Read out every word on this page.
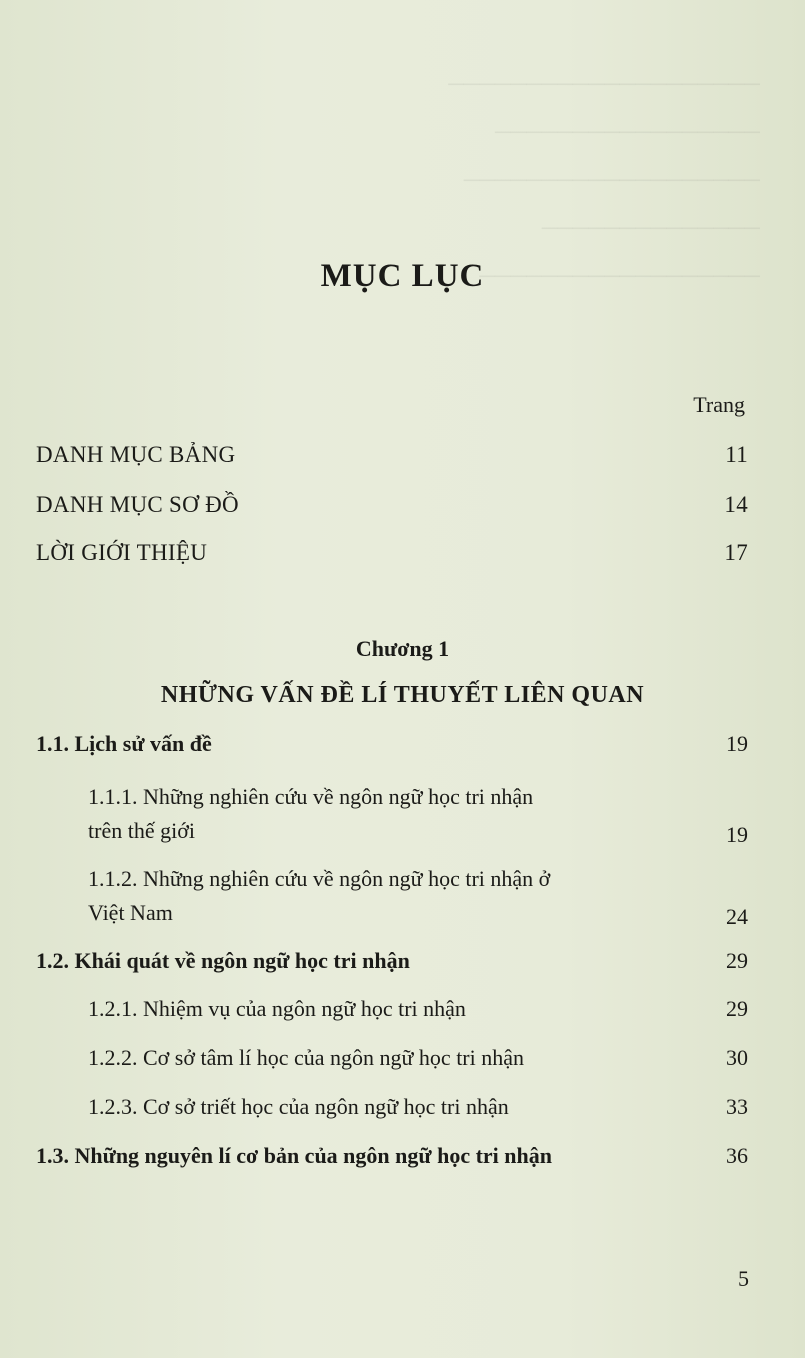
────────────────────
─────────────────
───────────────────
──────────────
──────────────────
MỤC LỤC
Trang
DANH MỤC BẢNG	11
DANH MỤC SƠ ĐỒ	14
LỜI GIỚI THIỆU	17
Chương 1
NHỮNG VẤN ĐỀ LÍ THUYẾT LIÊN QUAN
1.1. Lịch sử vấn đề	19
1.1.1. Những nghiên cứu về ngôn ngữ học tri nhận
trên thế giới	19
1.1.2. Những nghiên cứu về ngôn ngữ học tri nhận ở
Việt Nam	24
1.2. Khái quát về ngôn ngữ học tri nhận	29
1.2.1. Nhiệm vụ của ngôn ngữ học tri nhận	29
1.2.2. Cơ sở tâm lí học của ngôn ngữ học tri nhận	30
1.2.3. Cơ sở triết học của ngôn ngữ học tri nhận	33
1.3. Những nguyên lí cơ bản của ngôn ngữ học tri nhận	36
5
